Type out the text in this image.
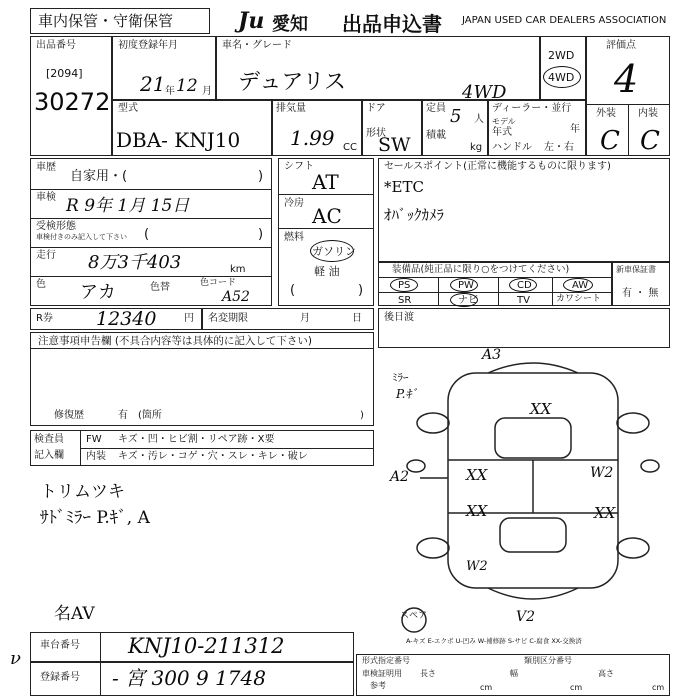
車内保管・守衛保管	Ju 愛知 出品申込書 JAPAN USED CAR DEALERS ASSOCIATION
出品番号
[2094]
30272
初度登録年月
21 年 12 月
車名・グレード
デュアリス	4WD
2WD
4WD
評価点
4
外装 内装
C C
型式
DBA- KNJ10
排気量
1.99 CC
ドア
形状
SW
定員 5 人
積載
kg
ディーラー・並行
モデル
年式	年
ハンドル 左・右
車歴
自家用・(	)
車検 R 9年 1月 15日
受検形態
車検付きのみ記入して下さい (	)
走行 8万3千403	km
色 アカ	色替	色コード
A52
シフト
AT
冷房
AC
燃料
ガソリン
軽 油
(	)
セールスポイント(正常に機能するものに限ります)
*ETC
ｵﾊﾞｯｸｶﾒﾗ
装備品(純正品に限り○をつけてください)
PS	PW	CD	AW
SR	ナビ	TV	カワシート
新車保証書
有 ・ 無
R券 12340	円 名変期限	月	日
注意事項申告欄 (不具合内容等は具体的に記入して下さい)
修復歴	有 (箇所	)
後日渡
検査員
記入欄
FW キズ・凹・ヒビ割・リペア跡・X要
内装 キズ・汚レ・コゲ・穴・スレ・キレ・破レ
トリムツキ
ｻﾄﾞﾐﾗｰ P.ｷﾞ, A
A3
ﾐﾗｰ
P.ｷﾞ
XX
A2	XX	W2
XX	XX
W2
V2
スペア
A-キズ E-エクボ U-凹み W-補修跡 S-サビ C-腐食 XX-交換済
名AV
ν
車台番号 KNJ10-211312
登録番号 - 宮 300 9 1748
形式指定番号	類別区分番号
車検証明用
参考
長さ
cm
幅
cm
高さ
cm
